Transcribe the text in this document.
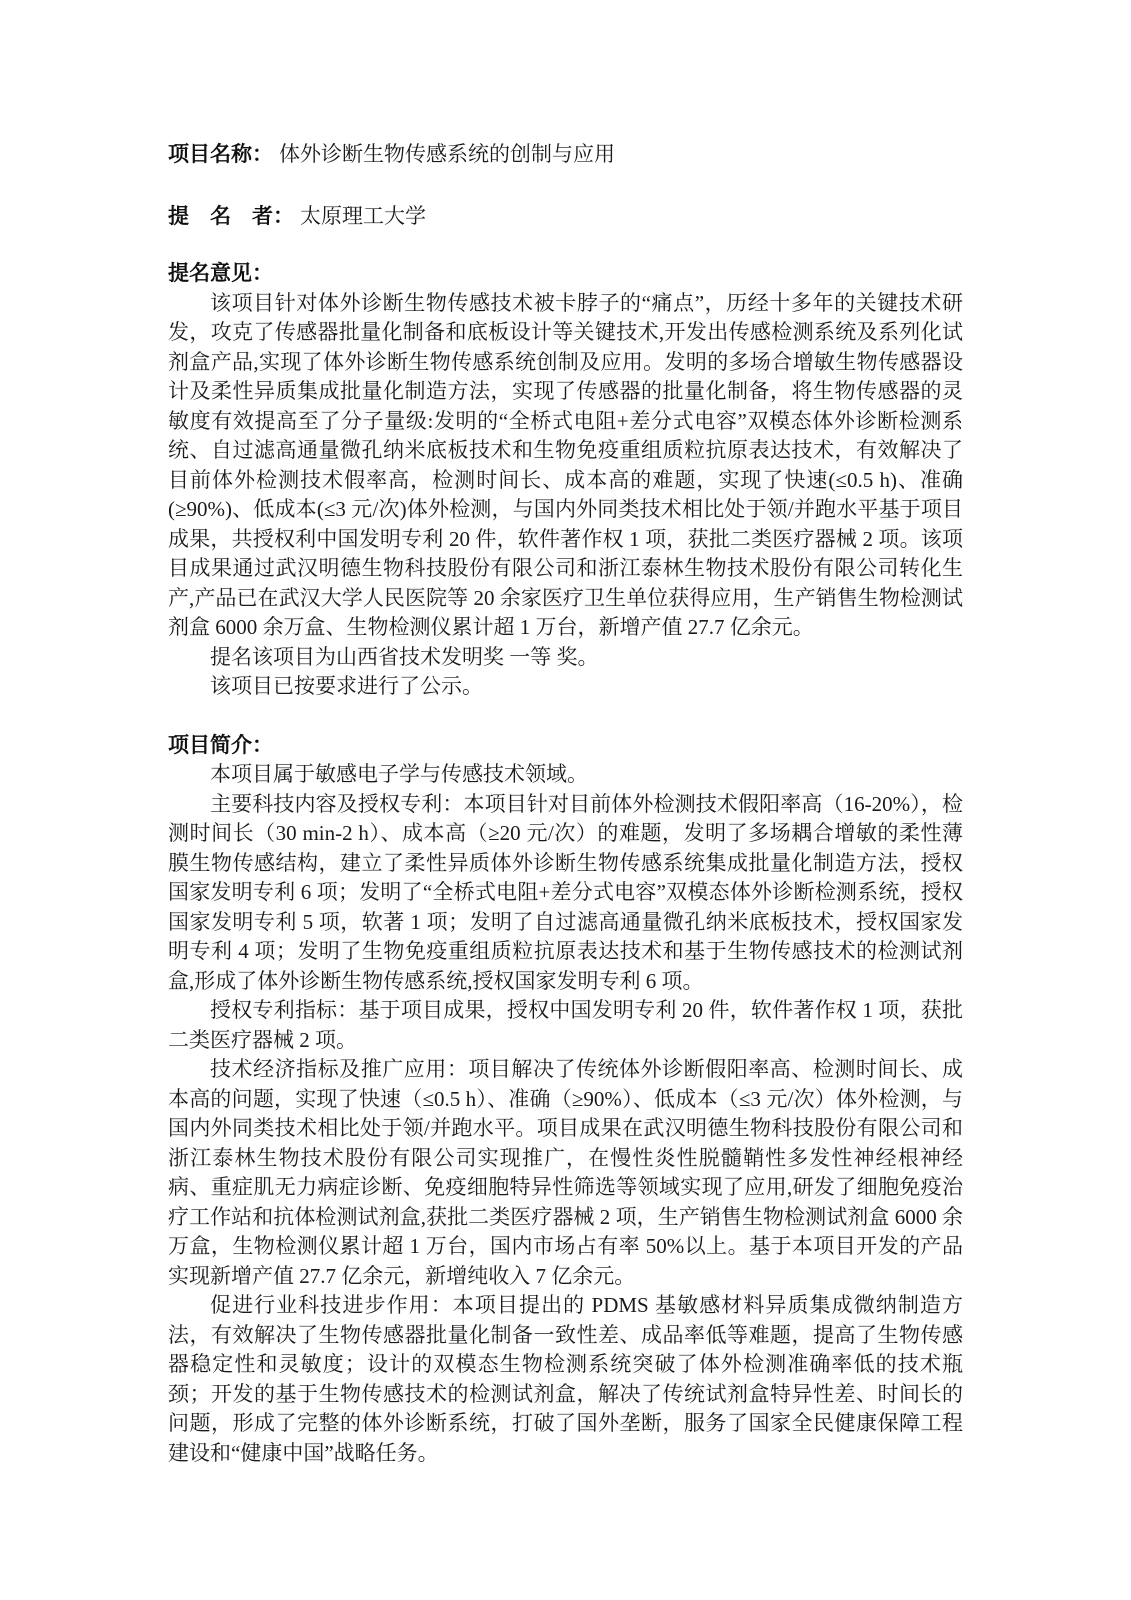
项目名称： 体外诊断生物传感系统的创制与应用
提　名　者： 太原理工大学
提名意见：
该项目针对体外诊断生物传感技术被卡脖子的“痛点”，历经十多年的关键技术研发，攻克了传感器批量化制备和底板设计等关键技术,开发出传感检测系统及系列化试剂盒产品,实现了体外诊断生物传感系统创制及应用。发明的多场合增敏生物传感器设计及柔性异质集成批量化制造方法，实现了传感器的批量化制备，将生物传感器的灵敏度有效提高至了分子量级:发明的“全桥式电阻+差分式电容”双模态体外诊断检测系统、自过滤高通量微孔纳米底板技术和生物免疫重组质粒抗原表达技术，有效解决了目前体外检测技术假率高，检测时间长、成本高的难题，实现了快速(≤0.5 h)、准确(≥90%)、低成本(≤3 元/次)体外检测，与国内外同类技术相比处于领/并跑水平基于项目成果，共授权利中国发明专利 20 件，软件著作权 1 项，获批二类医疗器械 2 项。该项目成果通过武汉明德生物科技股份有限公司和浙江泰林生物技术股份有限公司转化生产,产品已在武汉大学人民医院等 20 余家医疗卫生单位获得应用，生产销售生物检测试剂盒 6000 余万盒、生物检测仪累计超 1 万台，新增产值 27.7 亿余元。
提名该项目为山西省技术发明奖 一等 奖。
该项目已按要求进行了公示。
项目简介：
本项目属于敏感电子学与传感技术领域。
主要科技内容及授权专利：本项目针对目前体外检测技术假阳率高（16-20%），检测时间长（30 min-2 h）、成本高（≥20 元/次）的难题，发明了多场耦合增敏的柔性薄膜生物传感结构，建立了柔性异质体外诊断生物传感系统集成批量化制造方法，授权国家发明专利 6 项；发明了“全桥式电阻+差分式电容”双模态体外诊断检测系统，授权国家发明专利 5 项，软著 1 项；发明了自过滤高通量微孔纳米底板技术，授权国家发明专利 4 项；发明了生物免疫重组质粒抗原表达技术和基于生物传感技术的检测试剂盒,形成了体外诊断生物传感系统,授权国家发明专利 6 项。
授权专利指标：基于项目成果，授权中国发明专利 20 件，软件著作权 1 项，获批二类医疗器械 2 项。
技术经济指标及推广应用：项目解决了传统体外诊断假阳率高、检测时间长、成本高的问题，实现了快速（≤0.5 h）、准确（≥90%）、低成本（≤3 元/次）体外检测，与国内外同类技术相比处于领/并跑水平。项目成果在武汉明德生物科技股份有限公司和浙江泰林生物技术股份有限公司实现推广，在慢性炎性脱髓鞘性多发性神经根神经病、重症肌无力病症诊断、免疫细胞特异性筛选等领域实现了应用,研发了细胞免疫治疗工作站和抗体检测试剂盒,获批二类医疗器械 2 项，生产销售生物检测试剂盒 6000 余万盒，生物检测仪累计超 1 万台，国内市场占有率 50%以上。基于本项目开发的产品实现新增产值 27.7 亿余元，新增纯收入 7 亿余元。
促进行业科技进步作用：本项目提出的 PDMS 基敏感材料异质集成微纳制造方法，有效解决了生物传感器批量化制备一致性差、成品率低等难题，提高了生物传感器稳定性和灵敏度；设计的双模态生物检测系统突破了体外检测准确率低的技术瓶颈；开发的基于生物传感技术的检测试剂盒，解决了传统试剂盒特异性差、时间长的问题，形成了完整的体外诊断系统，打破了国外垄断，服务了国家全民健康保障工程建设和“健康中国”战略任务。
